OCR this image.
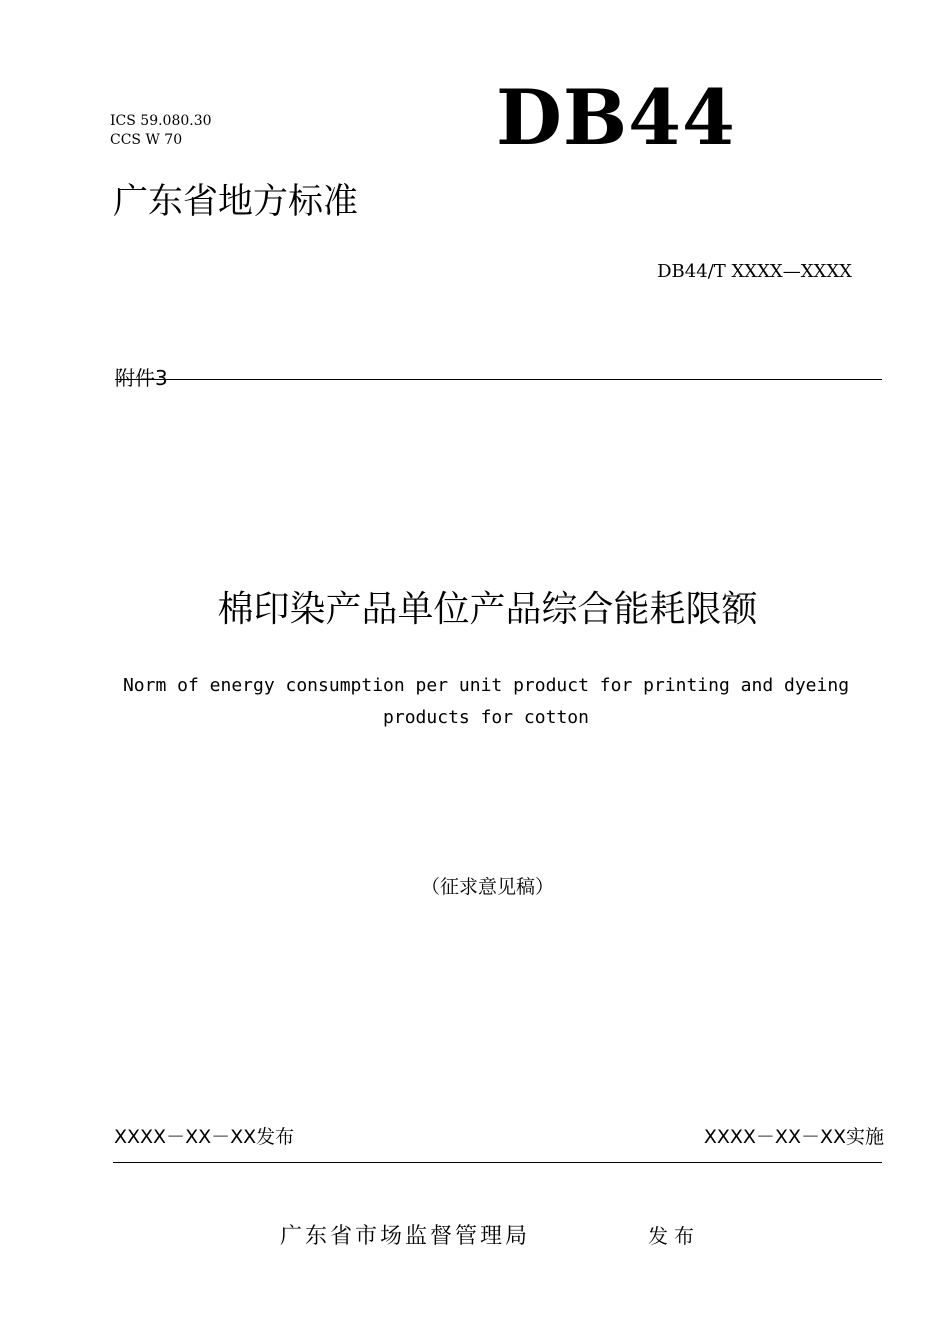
ICS 59.080.30
CCS W 70	DB44
广东省地方标准
DB44/T XXXX—XXXX
附件3
棉印染产品单位产品综合能耗限额
Norm of energy consumption per unit product for printing and dyeing products for cotton
（征求意见稿）
XXXX－XX－XX发布	XXXX－XX－XX实施
广东省市场监督管理局	发布
